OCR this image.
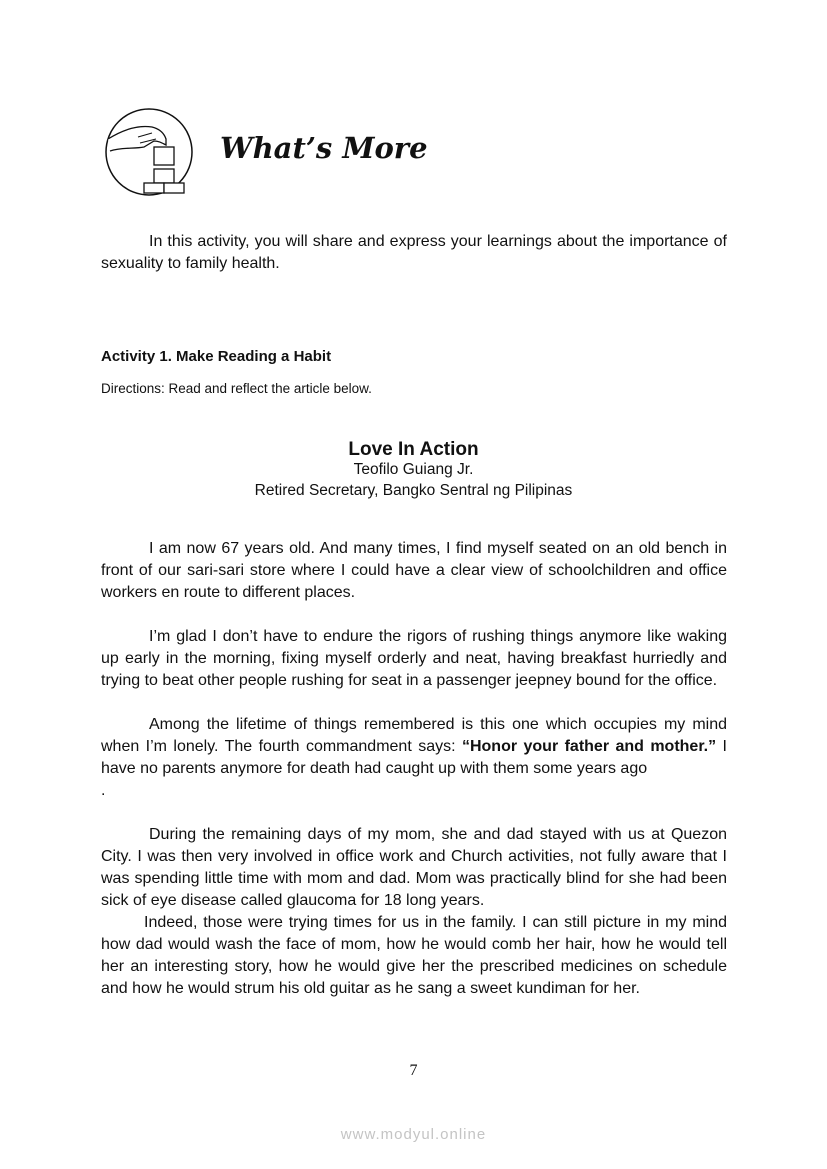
What’s More
In this activity, you will share and express your learnings about the importance of sexuality to family health.
Activity 1. Make Reading a Habit
Directions: Read and reflect the article below.
Love In Action
Teofilo Guiang Jr.
Retired Secretary, Bangko Sentral ng Pilipinas
I am now 67 years old. And many times, I find myself seated on an old bench in front of our sari-sari store where I could have a clear view of schoolchildren and office workers en route to different places.
I’m glad I don’t have to endure the rigors of rushing things anymore like waking up early in the morning, fixing myself orderly and neat, having breakfast hurriedly and trying to beat other people rushing for seat in a passenger jeepney bound for the office.
Among the lifetime of things remembered is this one which occupies my mind when I’m lonely. The fourth commandment says: “Honor your father and mother.” I have no parents anymore for death had caught up with them some years ago
.
During the remaining days of my mom, she and dad stayed with us at Quezon City. I was then very involved in office work and Church activities, not fully aware that I was spending little time with mom and dad. Mom was practically blind for she had been sick of eye disease called glaucoma for 18 long years.
Indeed, those were trying times for us in the family. I can still picture in my mind how dad would wash the face of mom, how he would comb her hair, how he would tell her an interesting story, how he would give her the prescribed medicines on schedule and how he would strum his old guitar as he sang a sweet kundiman for her.
7
www.modyul.online
